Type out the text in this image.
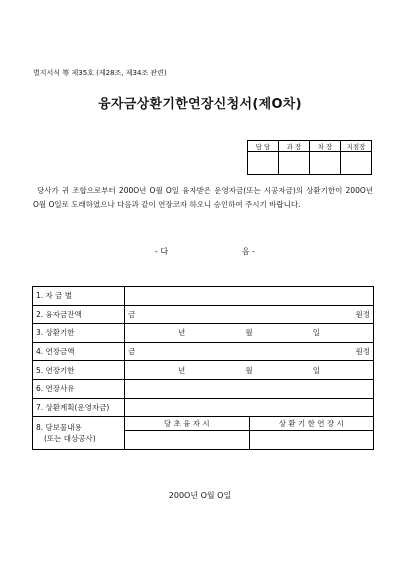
별지서식 等 제35호 (제28조, 제34조 관련)
융자금상환기한연장신청서(제O차)
담 당	과 장	차 장	지점장

당사가 귀 조합으로부터 200O년 O월 O일 융자받은 운영자금(또는 시공자금)의 상환기한이 200O년 O월 O일로 도래하였으나 다음과 같이 연장코자 하오니 승인하여 주시기 바랍니다.
- 다	음 -
1. 자 금 별		
2. 융자금잔액	금 원정	

3. 상환기한	년 월 일	

4. 연장금액	금 원정	

5. 연장기한	년 월 일	

6. 연장사유		
7. 상환계획(운영자금)		

8. 담보물내용
(또는 대상공사)	당 초 융 자 시	상 환 기 한 연 장 시

200O년 O월 O일
